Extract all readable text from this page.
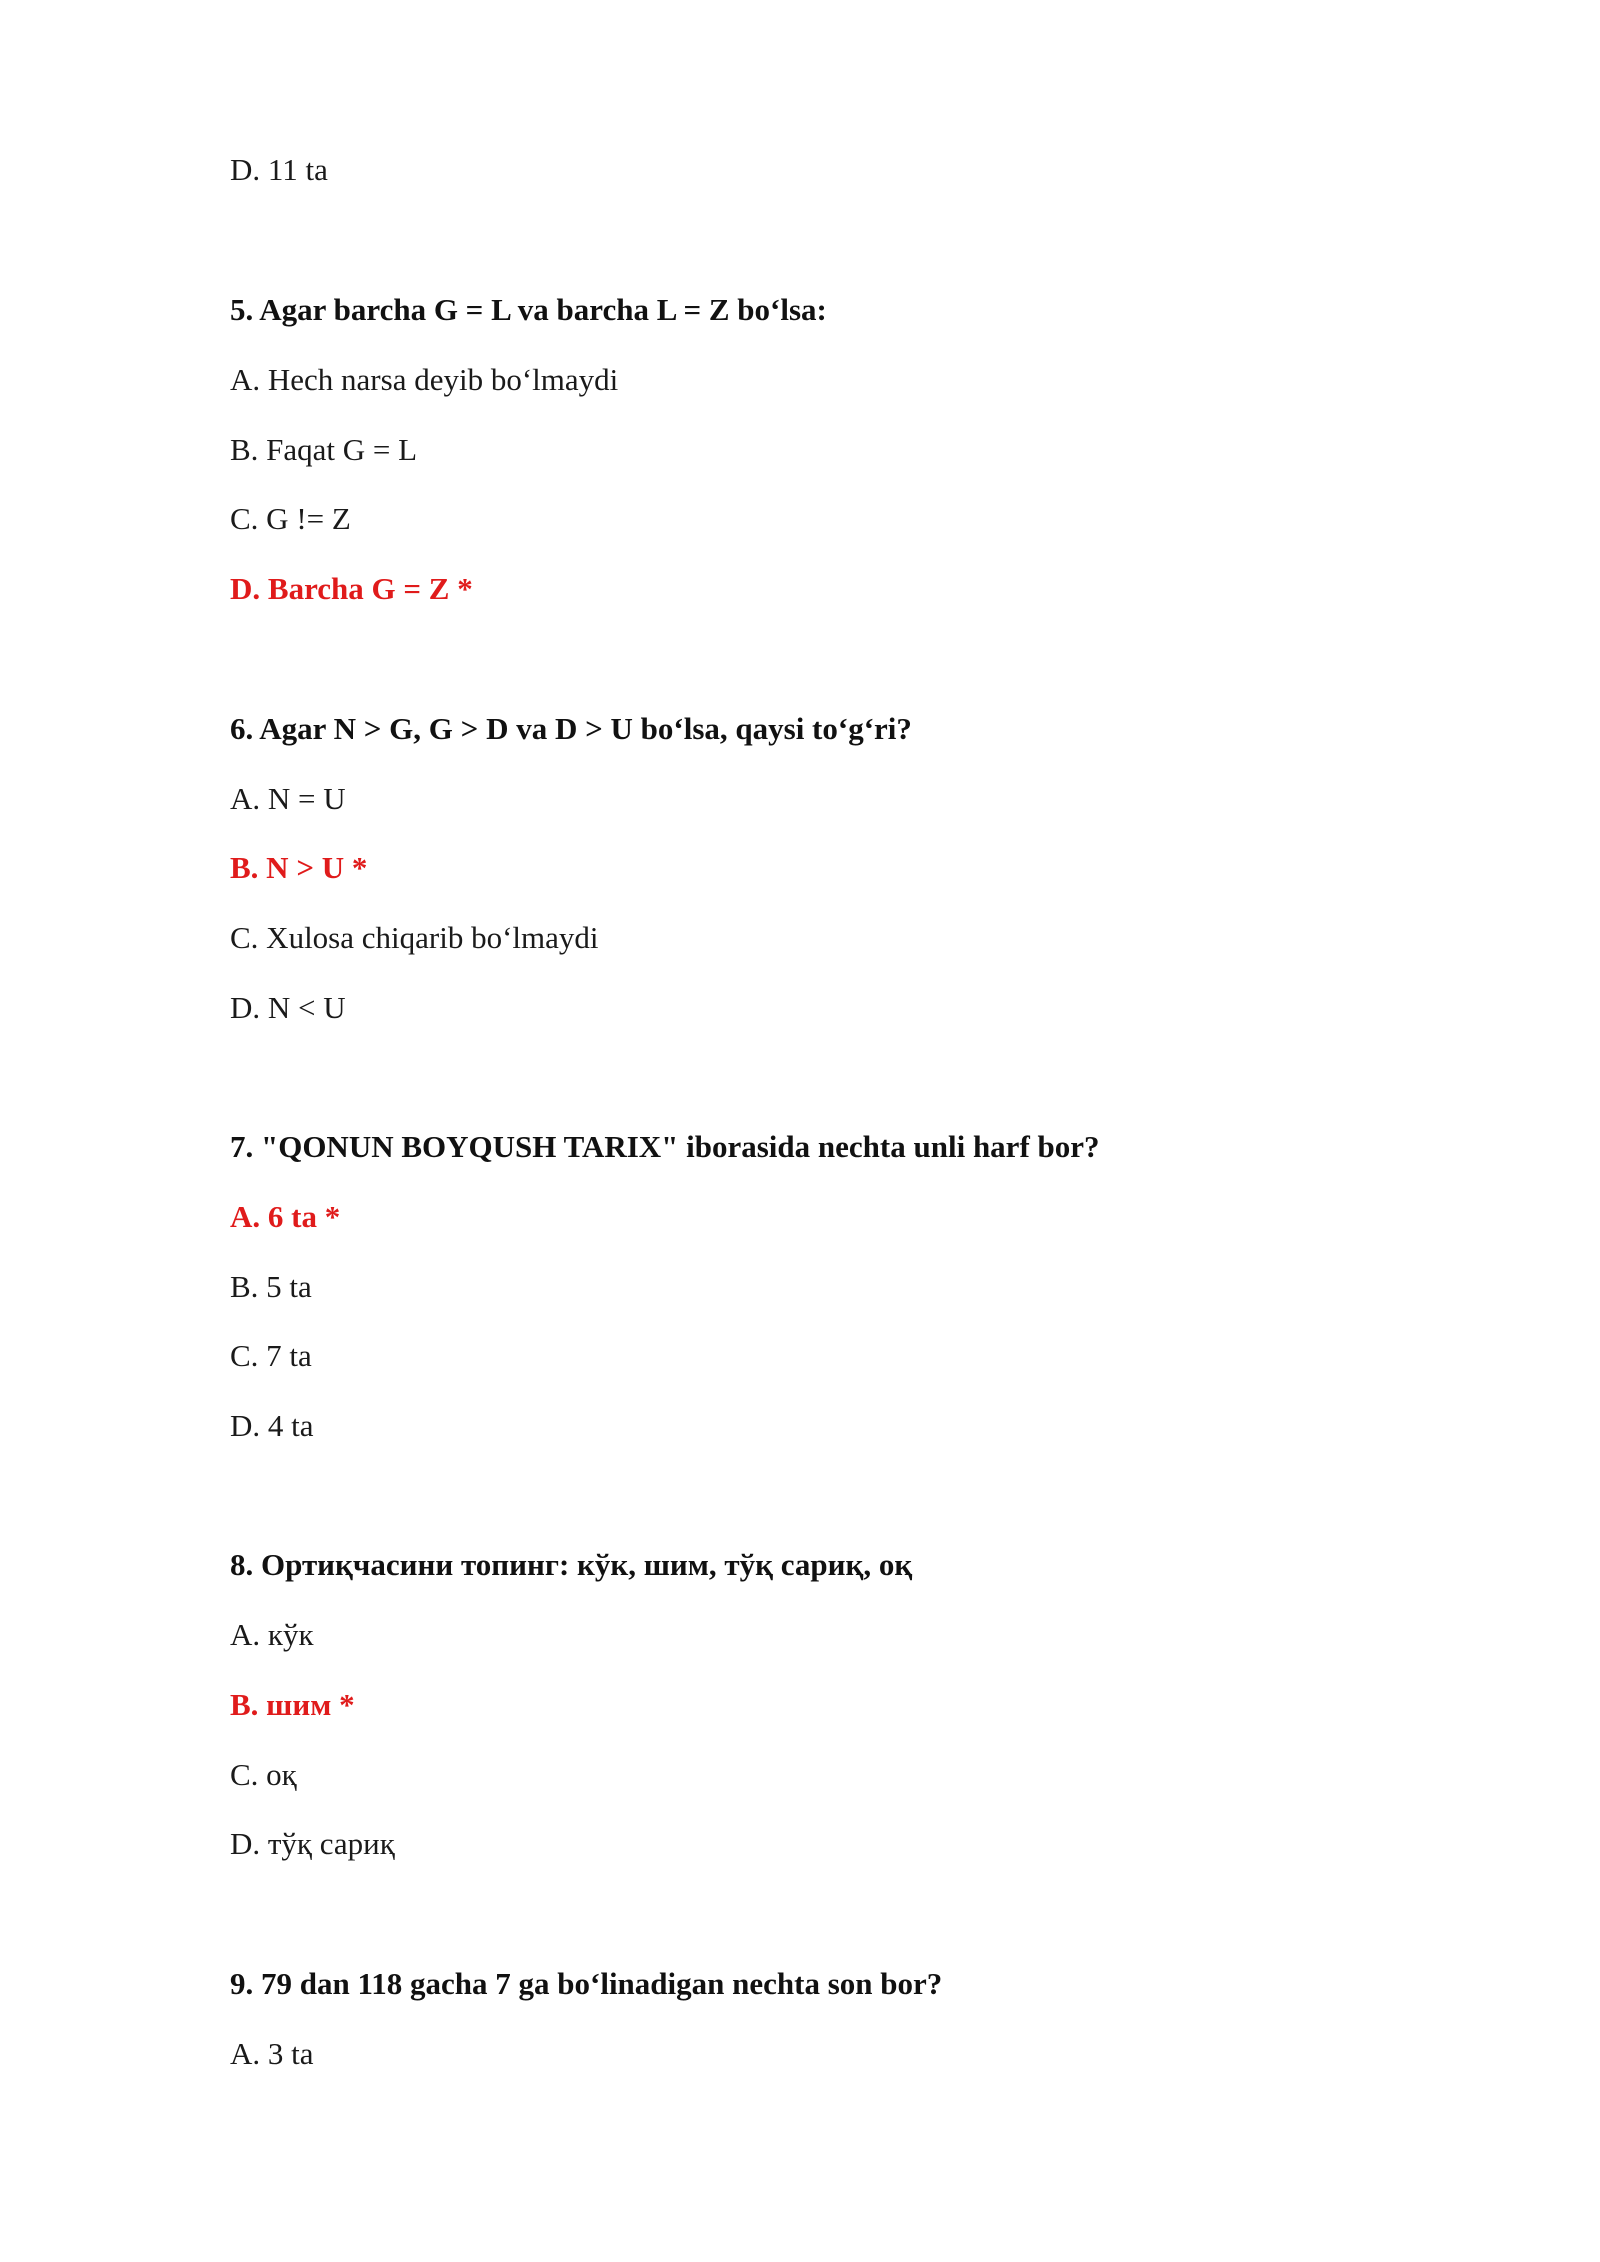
D. 11 ta
5. Agar barcha G = L va barcha L = Z bo‘lsa:
A. Hech narsa deyib bo‘lmaydi
B. Faqat G = L
C. G != Z
D. Barcha G = Z *
6. Agar N > G, G > D va D > U bo‘lsa, qaysi to‘g‘ri?
A. N = U
B. N > U *
C. Xulosa chiqarib bo‘lmaydi
D. N < U
7. "QONUN BOYQUSH TARIX" iborasida nechta unli harf bor?
A. 6 ta *
B. 5 ta
C. 7 ta
D. 4 ta
8. Ортиқчасини топинг: кўк, шим, тўқ сариқ, оқ
A. кўк
B. шим *
C. оқ
D. тўқ сариқ
9. 79 dan 118 gacha 7 ga bo‘linadigan nechta son bor?
A. 3 ta
